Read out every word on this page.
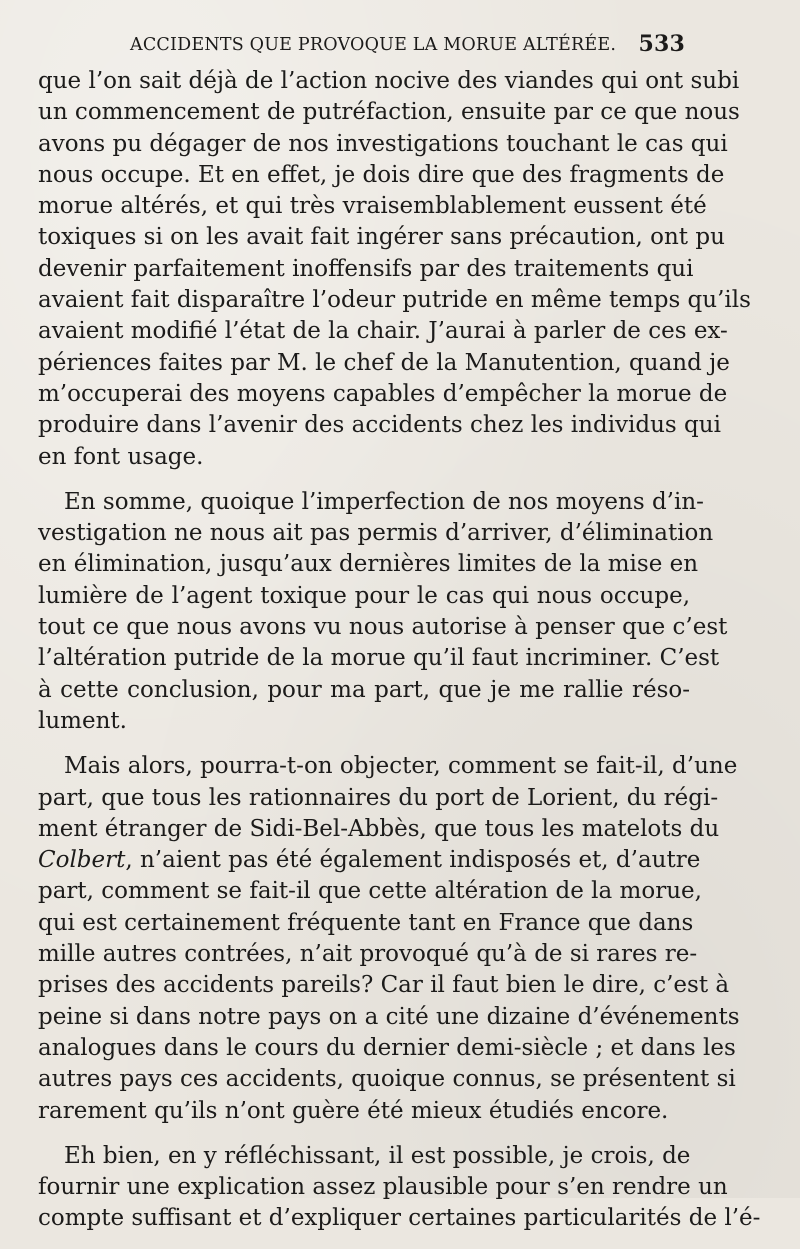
ACCIDENTS QUE PROVOQUE LA MORUE ALTÉRÉE. 533
que l’on sait déjà de l’action nocive des viandes qui ont subi
un commencement de putréfaction, ensuite par ce que nous
avons pu dégager de nos investigations touchant le cas qui
nous occupe. Et en effet, je dois dire que des fragments de
morue altérés, et qui très vraisemblablement eussent été
toxiques si on les avait fait ingérer sans précaution, ont pu
devenir parfaitement inoffensifs par des traitements qui
avaient fait disparaître l’odeur putride en même temps qu’ils
avaient modifié l’état de la chair. J’aurai à parler de ces ex-
périences faites par M. le chef de la Manutention, quand je
m’occuperai des moyens capables d’empêcher la morue de
produire dans l’avenir des accidents chez les individus qui
en font usage.
En somme, quoique l’imperfection de nos moyens d’in-
vestigation ne nous ait pas permis d’arriver, d’élimination
en élimination, jusqu’aux dernières limites de la mise en
lumière de l’agent toxique pour le cas qui nous occupe,
tout ce que nous avons vu nous autorise à penser que c’est
l’altération putride de la morue qu’il faut incriminer. C’est
à cette conclusion, pour ma part, que je me rallie réso-
lument.
Mais alors, pourra-t-on objecter, comment se fait-il, d’une
part, que tous les rationnaires du port de Lorient, du régi-
ment étranger de Sidi-Bel-Abbès, que tous les matelots du
Colbert, n’aient pas été également indisposés et, d’autre
part, comment se fait-il que cette altération de la morue,
qui est certainement fréquente tant en France que dans
mille autres contrées, n’ait provoqué qu’à de si rares re-
prises des accidents pareils? Car il faut bien le dire, c’est à
peine si dans notre pays on a cité une dizaine d’événements
analogues dans le cours du dernier demi-siècle ; et dans les
autres pays ces accidents, quoique connus, se présentent si
rarement qu’ils n’ont guère été mieux étudiés encore.
Eh bien, en y réfléchissant, il est possible, je crois, de
fournir une explication assez plausible pour s’en rendre un
compte suffisant et d’expliquer certaines particularités de l’é-
